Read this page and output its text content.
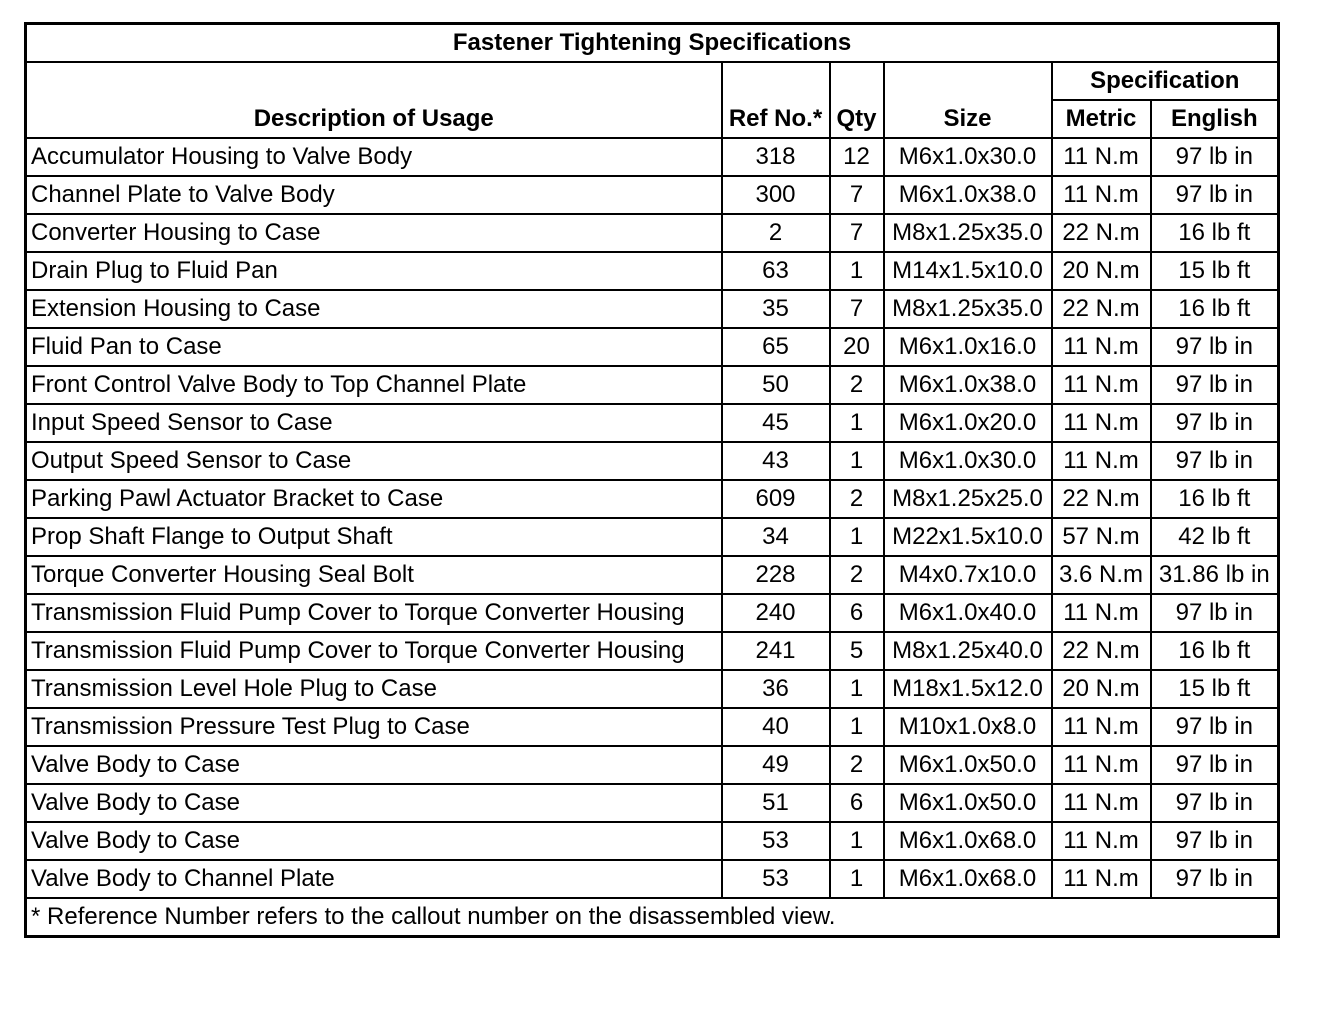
Fastener Tightening Specifications					
Description of Usage	Ref No.*	Qty	Size	Specification	
				Metric	English
Accumulator Housing to Valve Body	318	12	M6x1.0x30.0	11 N.m	97 lb in
Channel Plate to Valve Body	300	7	M6x1.0x38.0	11 N.m	97 lb in
Converter Housing to Case	2	7	M8x1.25x35.0	22 N.m	16 lb ft
Drain Plug to Fluid Pan	63	1	M14x1.5x10.0	20 N.m	15 lb ft
Extension Housing to Case	35	7	M8x1.25x35.0	22 N.m	16 lb ft
Fluid Pan to Case	65	20	M6x1.0x16.0	11 N.m	97 lb in
Front Control Valve Body to Top Channel Plate	50	2	M6x1.0x38.0	11 N.m	97 lb in
Input Speed Sensor to Case	45	1	M6x1.0x20.0	11 N.m	97 lb in
Output Speed Sensor to Case	43	1	M6x1.0x30.0	11 N.m	97 lb in
Parking Pawl Actuator Bracket to Case	609	2	M8x1.25x25.0	22 N.m	16 lb ft
Prop Shaft Flange to Output Shaft	34	1	M22x1.5x10.0	57 N.m	42 lb ft
Torque Converter Housing Seal Bolt	228	2	M4x0.7x10.0	3.6 N.m	31.86 lb in
Transmission Fluid Pump Cover to Torque Converter Housing	240	6	M6x1.0x40.0	11 N.m	97 lb in
Transmission Fluid Pump Cover to Torque Converter Housing	241	5	M8x1.25x40.0	22 N.m	16 lb ft
Transmission Level Hole Plug to Case	36	1	M18x1.5x12.0	20 N.m	15 lb ft
Transmission Pressure Test Plug to Case	40	1	M10x1.0x8.0	11 N.m	97 lb in
Valve Body to Case	49	2	M6x1.0x50.0	11 N.m	97 lb in
Valve Body to Case	51	6	M6x1.0x50.0	11 N.m	97 lb in
Valve Body to Case	53	1	M6x1.0x68.0	11 N.m	97 lb in
Valve Body to Channel Plate	53	1	M6x1.0x68.0	11 N.m	97 lb in
* Reference Number refers to the callout number on the disassembled view.					
